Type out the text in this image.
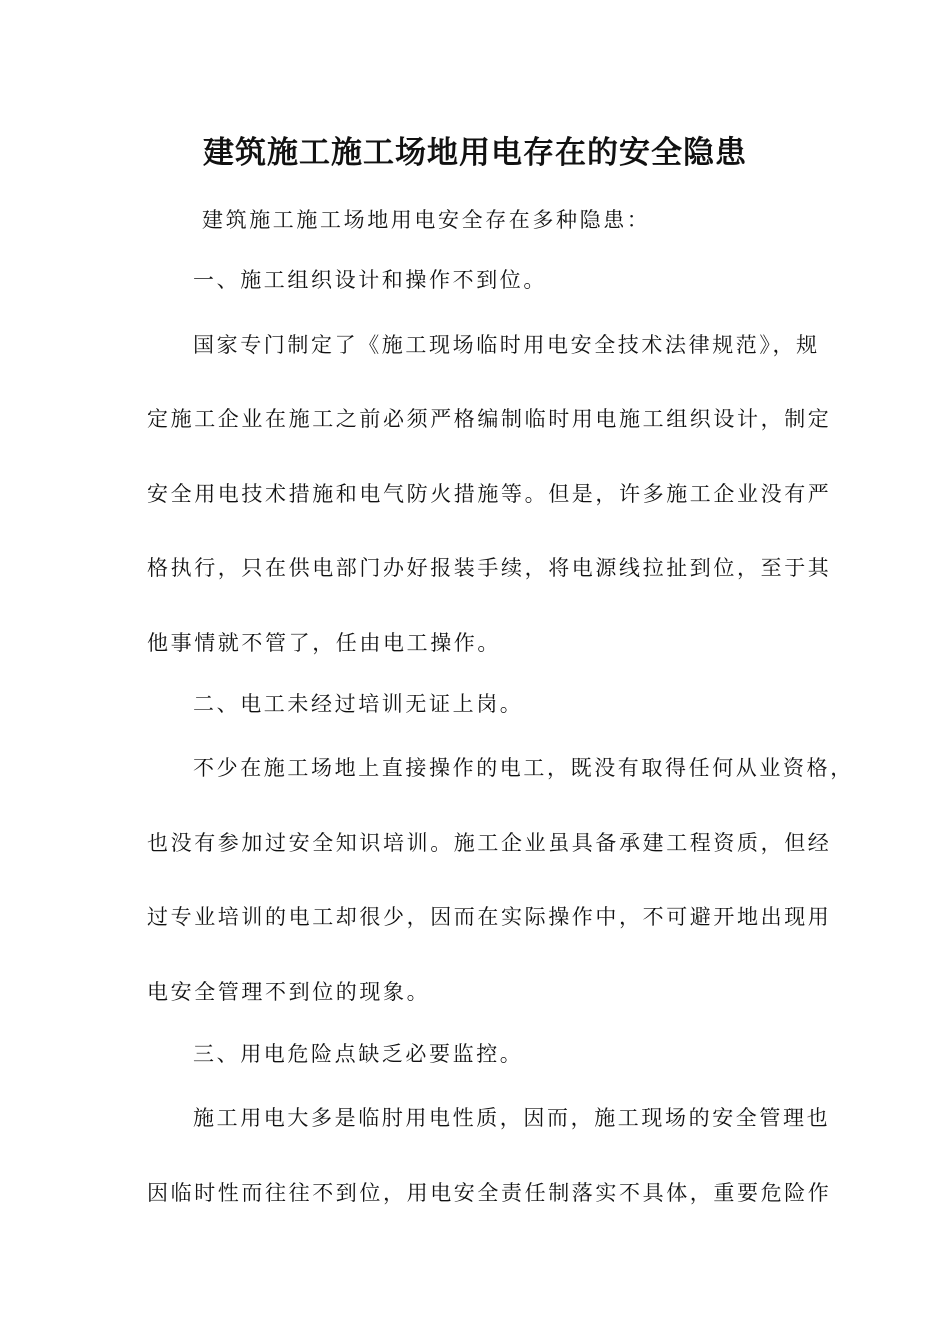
建筑施工施工场地用电存在的安全隐患

建筑施工施工场地用电安全存在多种隐患：

一、施工组织设计和操作不到位。

国家专门制定了《施工现场临时用电安全技术法律规范》，规

定施工企业在施工之前必须严格编制临时用电施工组织设计，制定

安全用电技术措施和电气防火措施等。但是，许多施工企业没有严

格执行，只在供电部门办好报装手续，将电源线拉扯到位，至于其

他事情就不管了，任由电工操作。

二、电工未经过培训无证上岗。

不少在施工场地上直接操作的电工，既没有取得任何从业资格，

也没有参加过安全知识培训。施工企业虽具备承建工程资质，但经

过专业培训的电工却很少，因而在实际操作中，不可避开地出现用

电安全管理不到位的现象。

三、用电危险点缺乏必要监控。

施工用电大多是临肘用电性质，因而，施工现场的安全管理也

因临时性而往往不到位，用电安全责任制落实不具体，重要危险作
